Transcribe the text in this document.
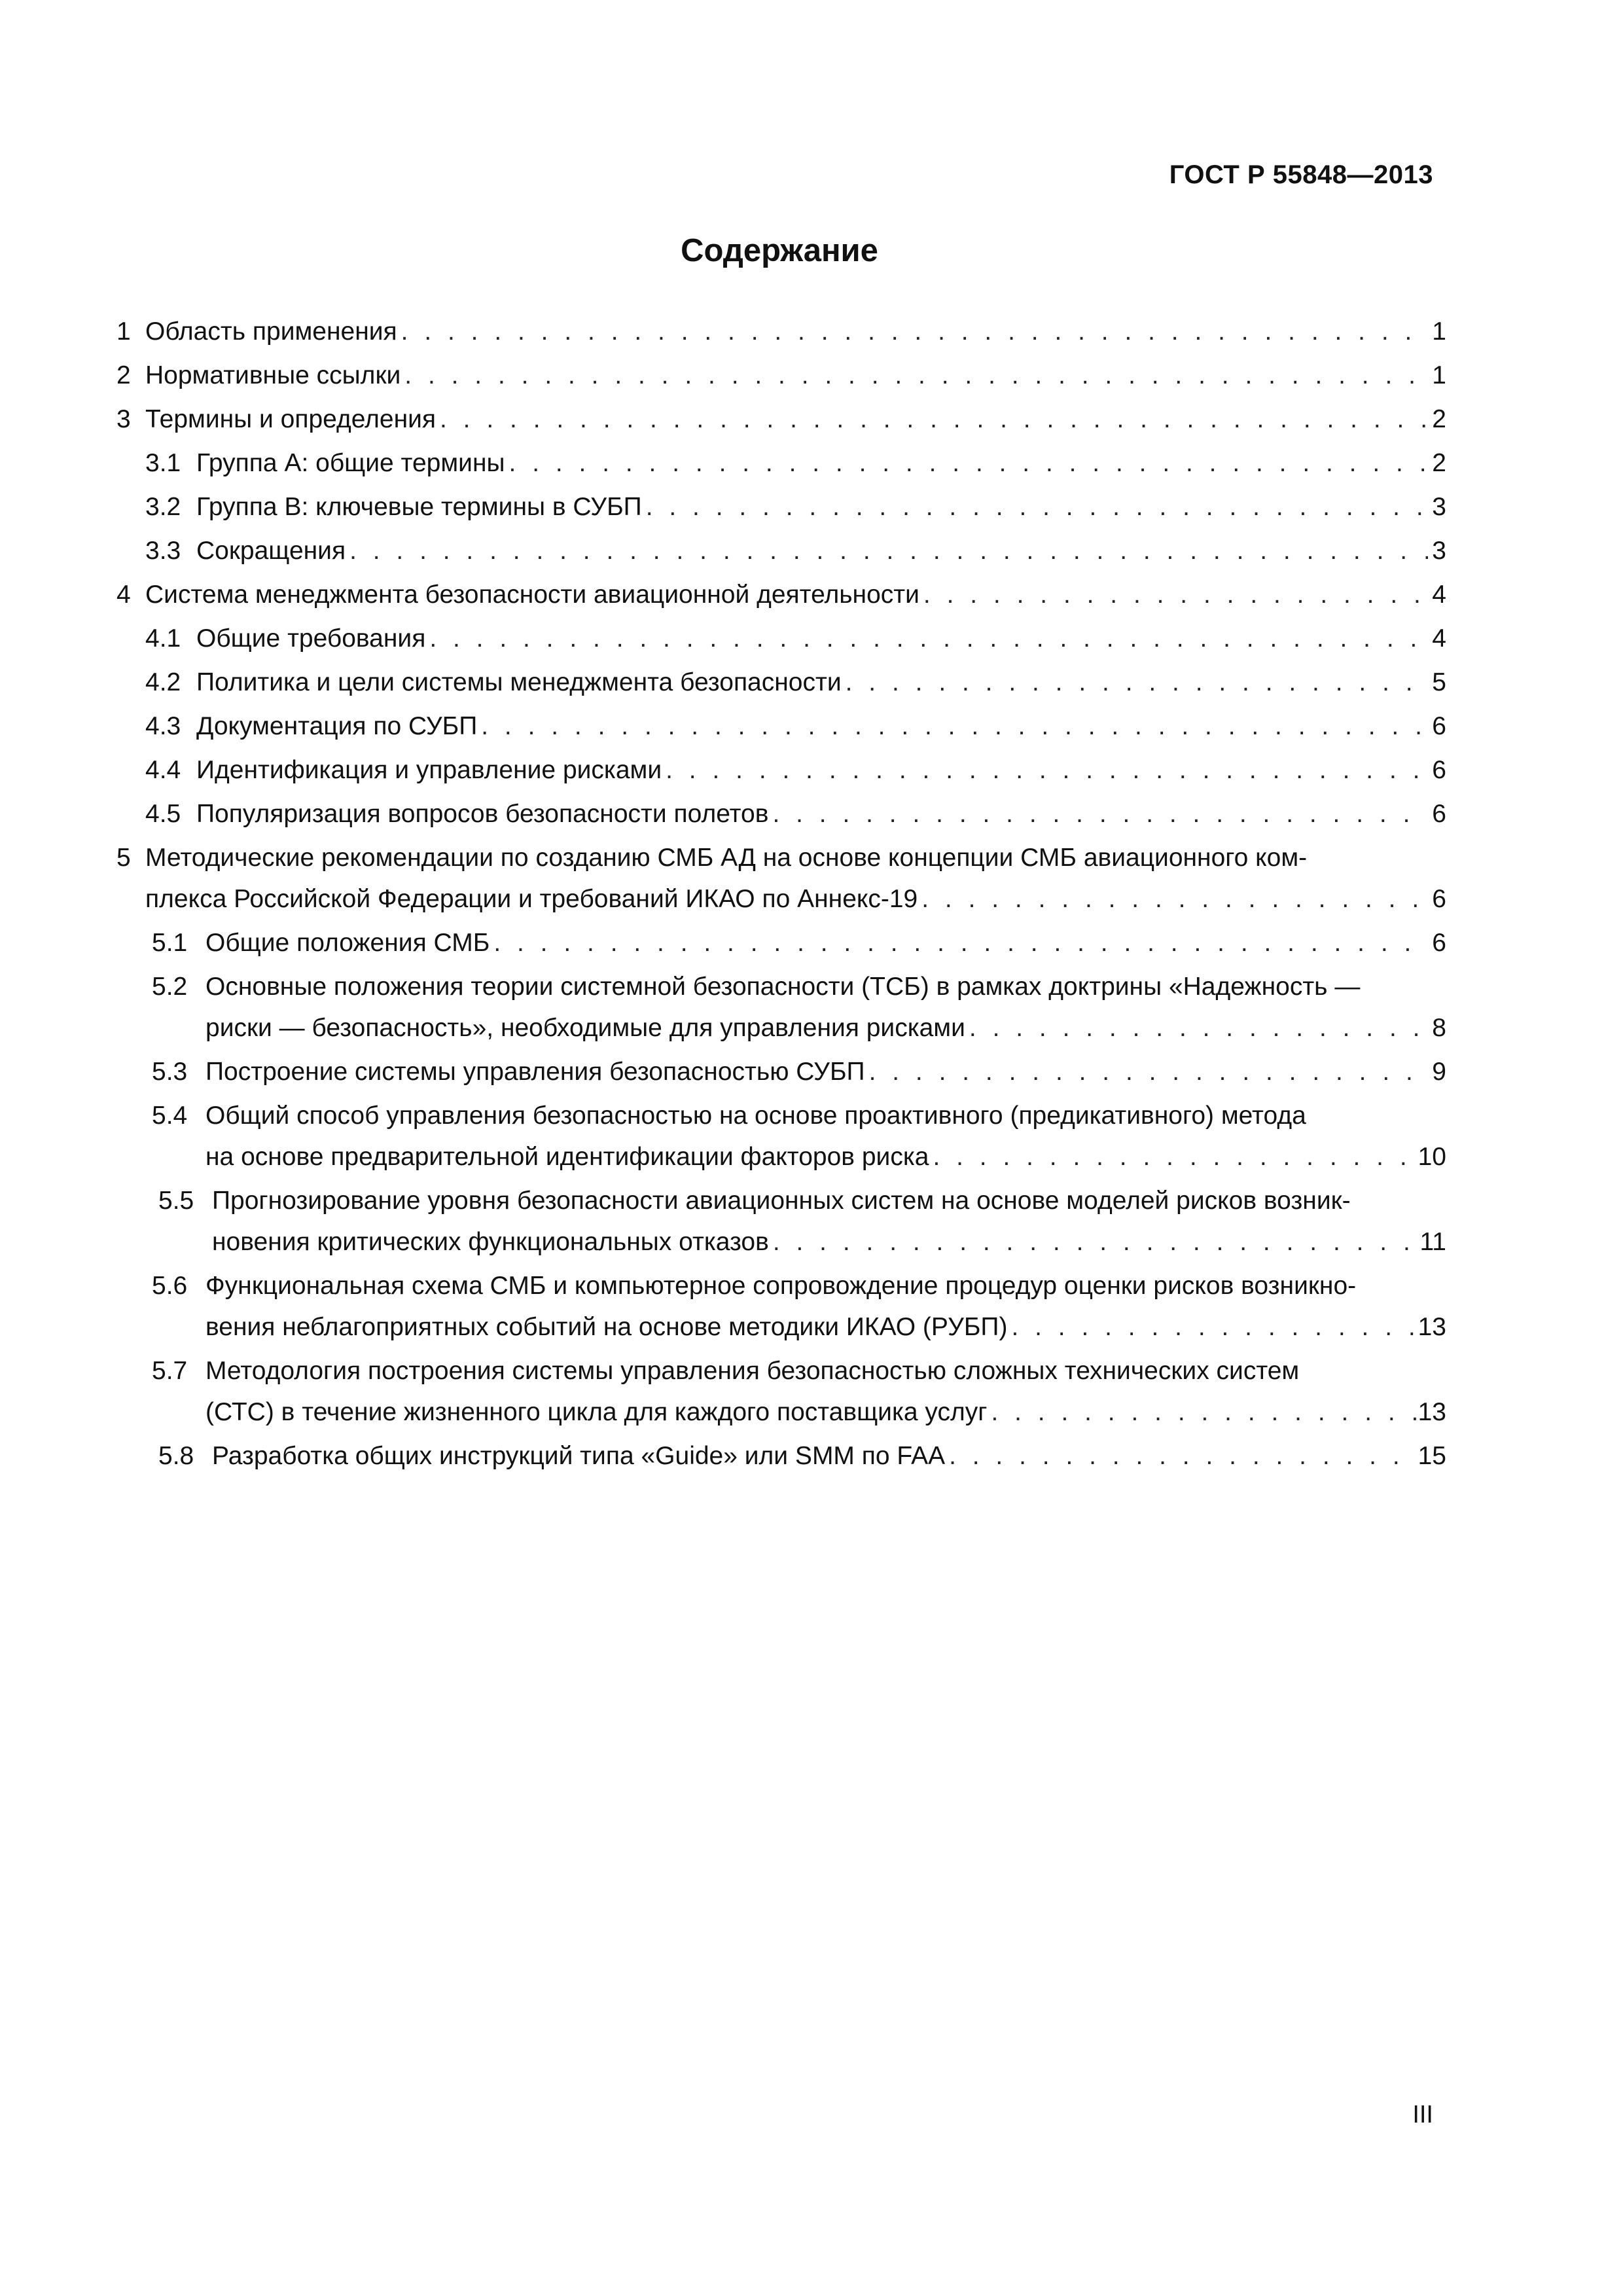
ГОСТ Р 55848—2013
Содержание
1 Область применения . . .	1
2 Нормативные ссылки . . .	1
3 Термины и определения . . .	2
3.1 Группа А: общие термины . . .	2
3.2 Группа В: ключевые термины в СУБП . . .	3
3.3 Сокращения . . .	3
4 Система менеджмента безопасности авиационной деятельности . . .	4
4.1 Общие требования . . .	4
4.2 Политика и цели системы менеджмента безопасности . . .	5
4.3 Документация по СУБП . . .	6
4.4 Идентификация и управление рисками . . .	6
4.5 Популяризация вопросов безопасности полетов . . .	6
5 Методические рекомендации по созданию СМБ АД на основе концепции СМБ авиационного ком-
плекса Российской Федерации и требований ИКАО по Аннекс-19 . . .	6
5.1 Общие положения СМБ . . .	6
5.2 Основные положения теории системной безопасности (ТСБ) в рамках доктрины «Надежность —
риски — безопасность», необходимые для управления рисками . . .	8
5.3 Построение системы управления безопасностью СУБП . . .	9
5.4 Общий способ управления безопасностью на основе проактивного (предикативного) метода
на основе предварительной идентификации факторов риска . . .	10
5.5 Прогнозирование уровня безопасности авиационных систем на основе моделей рисков возник-
новения критических функциональных отказов . . .	11
5.6 Функциональная схема СМБ и компьютерное сопровождение процедур оценки рисков возникно-
вения неблагоприятных событий на основе методики ИКАО (РУБП) . . .	13
5.7 Методология построения системы управления безопасностью сложных технических систем
(СТС) в течение жизненного цикла для каждого поставщика услуг . . .	13
5.8 Разработка общих инструкций типа «Guide» или SMM по FAA . . .	15
III
